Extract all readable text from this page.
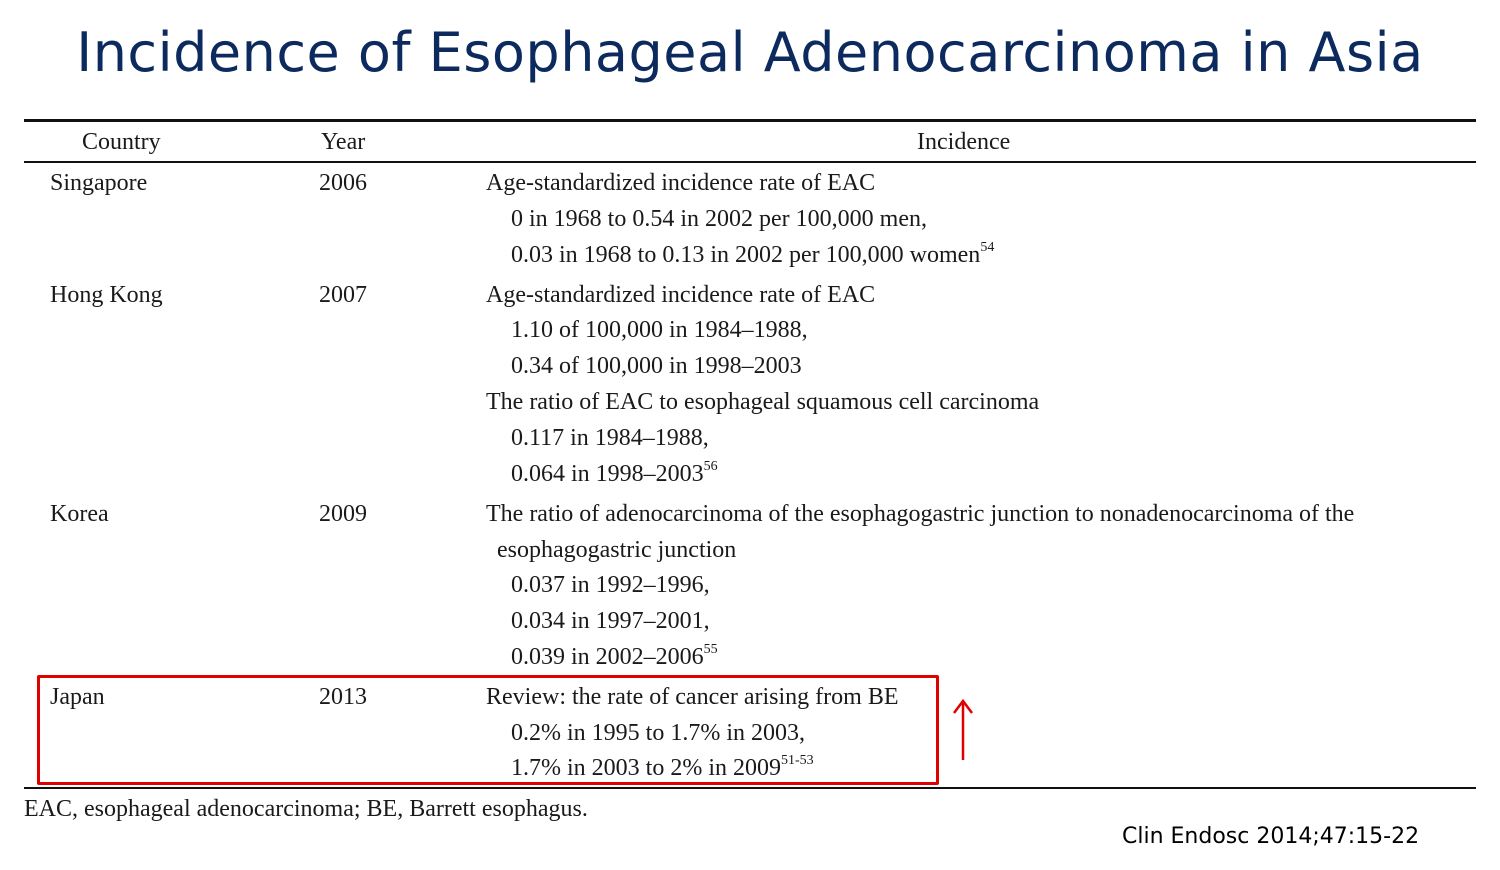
Incidence of Esophageal Adenocarcinoma in Asia
Country	Year	Incidence
Singapore	2006	Age-standardized incidence rate of EAC
0 in 1968 to 0.54 in 2002 per 100,000 men,
0.03 in 1968 to 0.13 in 2002 per 100,000 women$^{54}$
Hong Kong	2007	Age-standardized incidence rate of EAC
1.10 of 100,000 in 1984–1988,
0.34 of 100,000 in 1998–2003
The ratio of EAC to esophageal squamous cell carcinoma
0.117 in 1984–1988,
0.064 in 1998–2003$^{56}$
Korea	2009	The ratio of adenocarcinoma of the esophagogastric junction to nonadenocarcinoma of the
esophagogastric junction
0.037 in 1992–1996,
0.034 in 1997–2001,
0.039 in 2002–2006$^{55}$
Japan	2013	Review: the rate of cancer arising from BE
0.2% in 1995 to 1.7% in 2003,
1.7% in 2003 to 2% in 2009$^{51-53}$
EAC, esophageal adenocarcinoma; BE, Barrett esophagus.
Clin Endosc 2014;47:15-22
